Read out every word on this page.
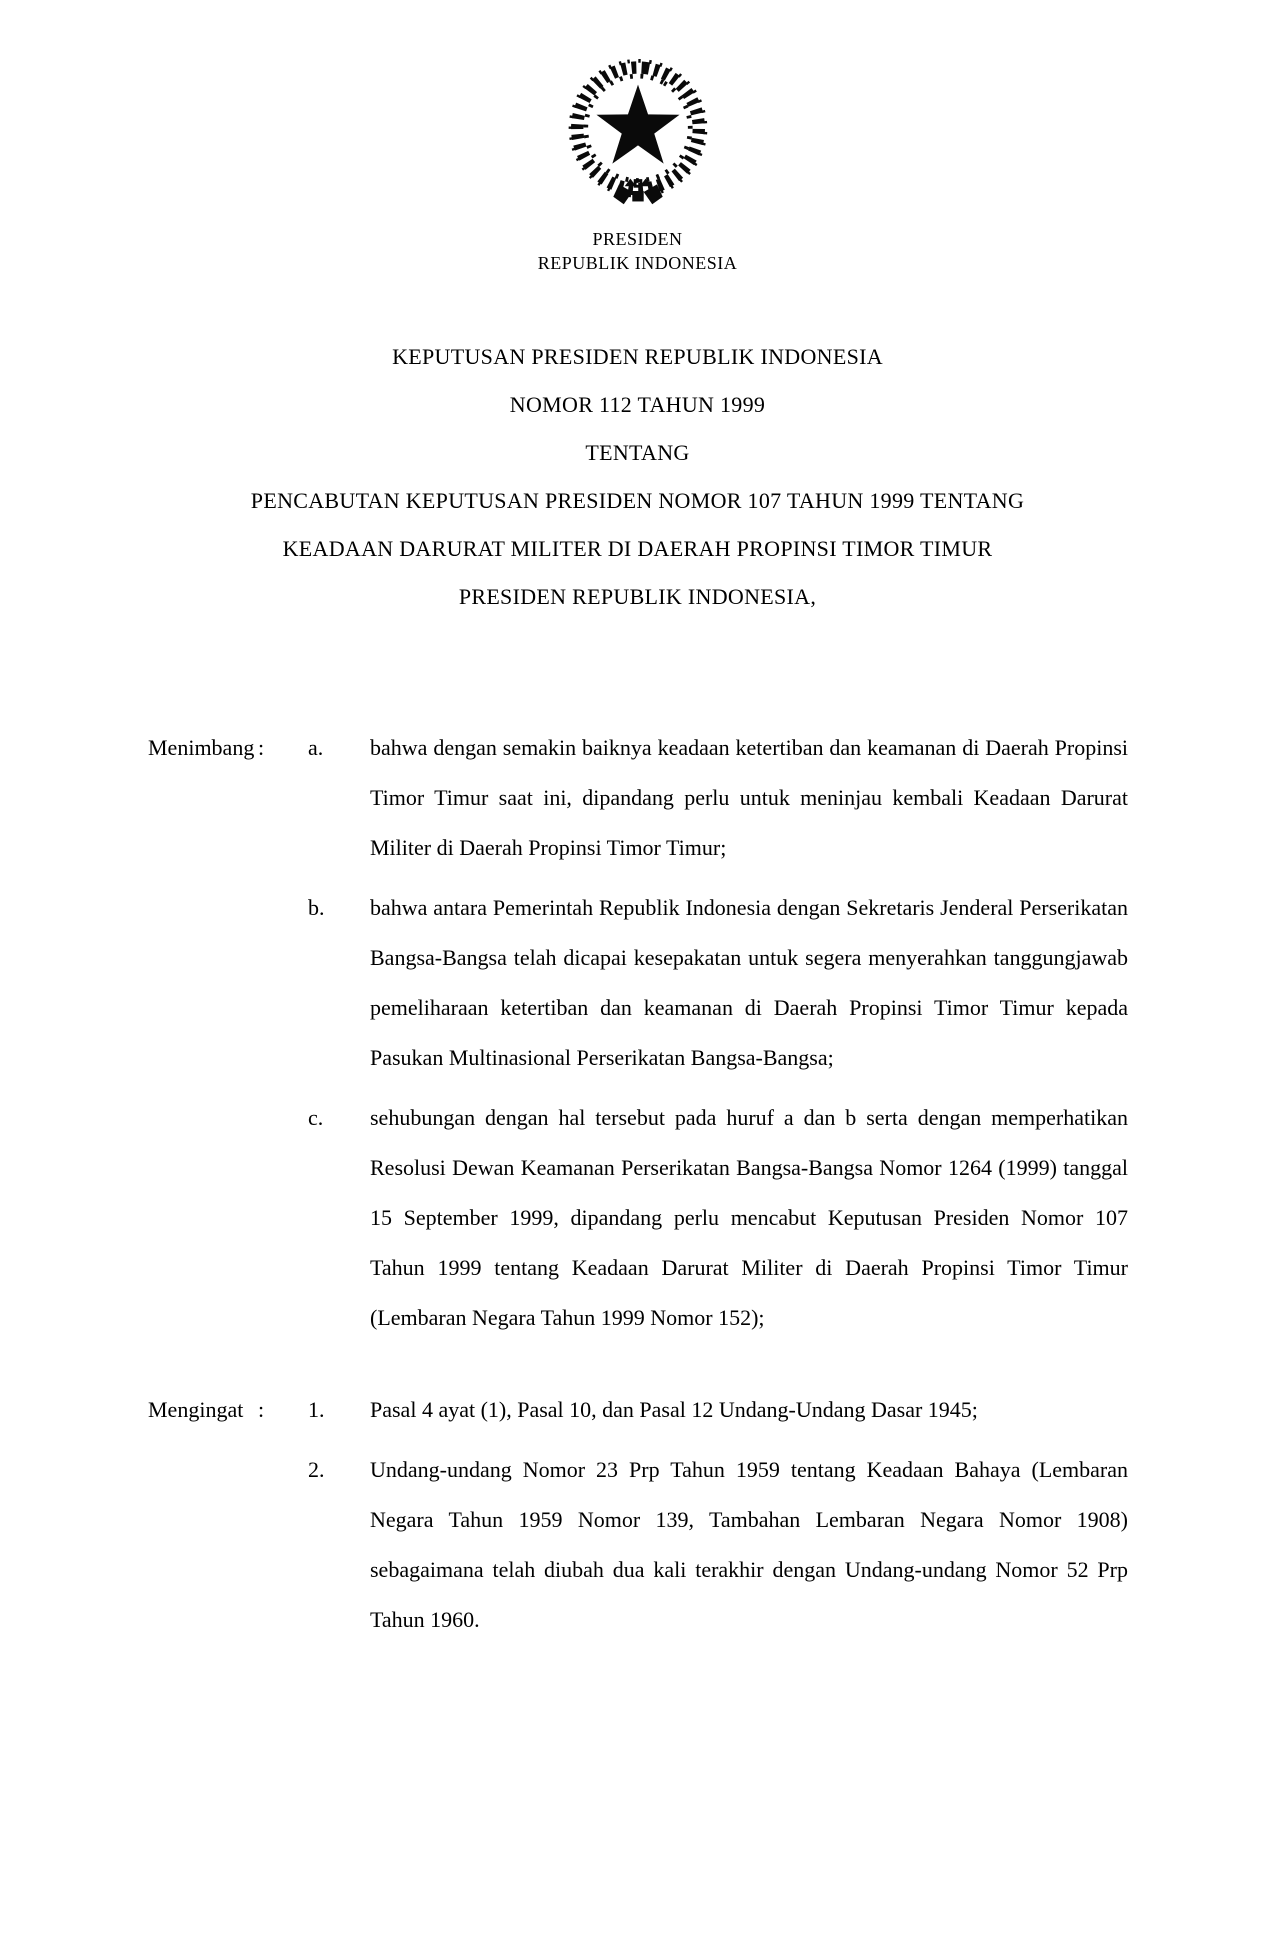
PRESIDEN
REPUBLIK INDONESIA
KEPUTUSAN PRESIDEN REPUBLIK INDONESIA
NOMOR 112 TAHUN 1999
TENTANG
PENCABUTAN KEPUTUSAN PRESIDEN NOMOR 107 TAHUN 1999 TENTANG
KEADAAN DARURAT MILITER DI DAERAH PROPINSI TIMOR TIMUR
PRESIDEN REPUBLIK INDONESIA,
Menimbang :	a.	bahwa dengan semakin baiknya keadaan ketertiban dan keamanan di Daerah Propinsi Timor Timur saat ini, dipandang perlu untuk meninjau kembali Keadaan Darurat Militer di Daerah Propinsi Timor Timur;
b.	bahwa antara Pemerintah Republik Indonesia dengan Sekretaris Jenderal Perserikatan Bangsa-Bangsa telah dicapai kesepakatan untuk segera menyerahkan tanggungjawab pemeliharaan ketertiban dan keamanan di Daerah Propinsi Timor Timur kepada Pasukan Multinasional Perserikatan Bangsa-Bangsa;
c.	sehubungan dengan hal tersebut pada huruf a dan b serta dengan memperhatikan Resolusi Dewan Keamanan Perserikatan Bangsa-Bangsa Nomor 1264 (1999) tanggal 15 September 1999, dipandang perlu mencabut Keputusan Presiden Nomor 107 Tahun 1999 tentang Keadaan Darurat Militer di Daerah Propinsi Timor Timur (Lembaran Negara Tahun 1999 Nomor 152);
Mengingat :	1.	Pasal 4 ayat (1), Pasal 10, dan Pasal 12 Undang-Undang Dasar 1945;
2.	Undang-undang Nomor 23 Prp Tahun 1959 tentang Keadaan Bahaya (Lembaran Negara Tahun 1959 Nomor 139, Tambahan Lembaran Negara Nomor 1908) sebagaimana telah diubah dua kali terakhir dengan Undang-undang Nomor 52 Prp Tahun 1960.
